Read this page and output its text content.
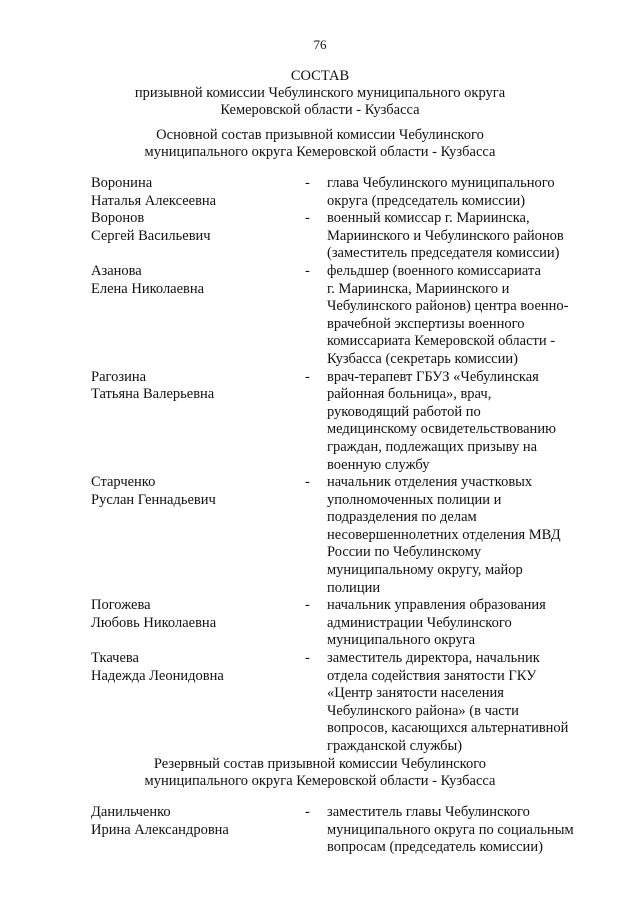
76
СОСТАВ
призывной комиссии Чебулинского муниципального округа
Кемеровской области - Кузбасса
Основной состав призывной комиссии Чебулинского
муниципального округа Кемеровской области - Кузбасса
Воронина
Наталья Алексеевна
-	глава Чебулинского муниципального
округа (председатель комиссии)
Воронов
Сергей Васильевич
-	военный комиссар г. Мариинска,
Мариинского и Чебулинского районов
(заместитель председателя комиссии)
Азанова
Елена Николаевна
-	фельдшер (военного комиссариата
г. Мариинска, Мариинского и
Чебулинского районов) центра военно-
врачебной экспертизы военного
комиссариата Кемеровской области -
Кузбасса (секретарь комиссии)
Рагозина
Татьяна Валерьевна
-	врач-терапевт ГБУЗ «Чебулинская
районная больница», врач,
руководящий работой по
медицинскому освидетельствованию
граждан, подлежащих призыву на
военную службу
Старченко
Руслан Геннадьевич
-	начальник отделения участковых
уполномоченных полиции и
подразделения по делам
несовершеннолетних отделения МВД
России по Чебулинскому
муниципальному округу, майор
полиции
Погожева
Любовь Николаевна
-	начальник управления образования
администрации Чебулинского
муниципального округа
Ткачева
Надежда Леонидовна
-	заместитель директора, начальник
отдела содействия занятости ГКУ
«Центр занятости населения
Чебулинского района» (в части
вопросов, касающихся альтернативной
гражданской службы)
Резервный состав призывной комиссии Чебулинского
муниципального округа Кемеровской области - Кузбасса
Данильченко
Ирина Александровна
-	заместитель главы Чебулинского
муниципального округа по социальным
вопросам (председатель комиссии)
